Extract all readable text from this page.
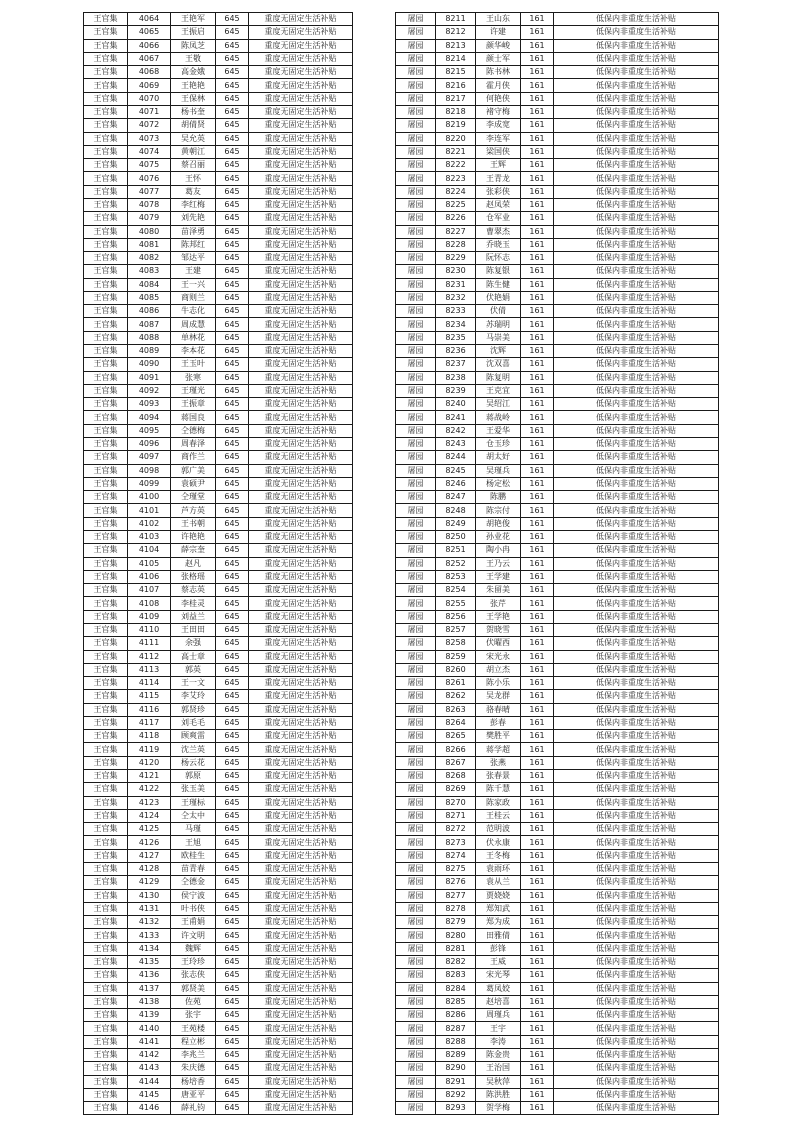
王官集	4064	王艳军	645	重度无固定生活补贴
王官集	4065	王振启	645	重度无固定生活补贴
王官集	4066	陈凤芝	645	重度无固定生活补贴
王官集	4067	王敬	645	重度无固定生活补贴
王官集	4068	高金娥	645	重度无固定生活补贴
王官集	4069	王艳艳	645	重度无固定生活补贴
王官集	4070	王保林	645	重度无固定生活补贴
王官集	4071	杨书奎	645	重度无固定生活补贴
王官集	4072	胡倩贤	645	重度无固定生活补贴
王官集	4073	吴允英	645	重度无固定生活补贴
王官集	4074	黄朝江	645	重度无固定生活补贴
王官集	4075	蔡召丽	645	重度无固定生活补贴
王官集	4076	王怀	645	重度无固定生活补贴
王官集	4077	葛友	645	重度无固定生活补贴
王官集	4078	李红梅	645	重度无固定生活补贴
王官集	4079	刘先艳	645	重度无固定生活补贴
王官集	4080	苗泽勇	645	重度无固定生活补贴
王官集	4081	陈邦红	645	重度无固定生活补贴
王官集	4082	邹达平	645	重度无固定生活补贴
王官集	4083	王建	645	重度无固定生活补贴
王官集	4084	王一兴	645	重度无固定生活补贴
王官集	4085	商则兰	645	重度无固定生活补贴
王官集	4086	牛志化	645	重度无固定生活补贴
王官集	4087	周成慧	645	重度无固定生活补贴
王官集	4088	单林花	645	重度无固定生活补贴
王官集	4089	李本花	645	重度无固定生活补贴
王官集	4090	王玉叶	645	重度无固定生活补贴
王官集	4091	张寒	645	重度无固定生活补贴
王官集	4092	王瑾光	645	重度无固定生活补贴
王官集	4093	王振章	645	重度无固定生活补贴
王官集	4094	蒋国良	645	重度无固定生活补贴
王官集	4095	仝德梅	645	重度无固定生活补贴
王官集	4096	周春泽	645	重度无固定生活补贴
王官集	4097	商作兰	645	重度无固定生活补贴
王官集	4098	郭广美	645	重度无固定生活补贴
王官集	4099	袁硕尹	645	重度无固定生活补贴
王官集	4100	仝瑾堂	645	重度无固定生活补贴
王官集	4101	芦方英	645	重度无固定生活补贴
王官集	4102	王书朝	645	重度无固定生活补贴
王官集	4103	许艳艳	645	重度无固定生活补贴
王官集	4104	薛宗奎	645	重度无固定生活补贴
王官集	4105	赵凡	645	重度无固定生活补贴
王官集	4106	张格瑶	645	重度无固定生活补贴
王官集	4107	蔡志英	645	重度无固定生活补贴
王官集	4108	李桂灵	645	重度无固定生活补贴
王官集	4109	刘益兰	645	重度无固定生活补贴
王官集	4110	王田田	645	重度无固定生活补贴
王官集	4111	余强	645	重度无固定生活补贴
王官集	4112	高士章	645	重度无固定生活补贴
王官集	4113	郭英	645	重度无固定生活补贴
王官集	4114	王一文	645	重度无固定生活补贴
王官集	4115	李艾玲	645	重度无固定生活补贴
王官集	4116	郭贤珍	645	重度无固定生活补贴
王官集	4117	刘毛毛	645	重度无固定生活补贴
王官集	4118	顾爽雷	645	重度无固定生活补贴
王官集	4119	沈兰英	645	重度无固定生活补贴
王官集	4120	杨云花	645	重度无固定生活补贴
王官集	4121	郭原	645	重度无固定生活补贴
王官集	4122	张玉美	645	重度无固定生活补贴
王官集	4123	王瑾标	645	重度无固定生活补贴
王官集	4124	仝太中	645	重度无固定生活补贴
王官集	4125	马瑾	645	重度无固定生活补贴
王官集	4126	王旭	645	重度无固定生活补贴
王官集	4127	欧桂生	645	重度无固定生活补贴
王官集	4128	苗青春	645	重度无固定生活补贴
王官集	4129	仝德金	645	重度无固定生活补贴
王官集	4130	侯宁波	645	重度无固定生活补贴
王官集	4131	叶书侠	645	重度无固定生活补贴
王官集	4132	王甫娟	645	重度无固定生活补贴
王官集	4133	许文明	645	重度无固定生活补贴
王官集	4134	魏辉	645	重度无固定生活补贴
王官集	4135	王玲珍	645	重度无固定生活补贴
王官集	4136	张志侠	645	重度无固定生活补贴
王官集	4137	郭贤美	645	重度无固定生活补贴
王官集	4138	佐苑	645	重度无固定生活补贴
王官集	4139	张宇	645	重度无固定生活补贴
王官集	4140	王苑楼	645	重度无固定生活补贴
王官集	4141	程立彬	645	重度无固定生活补贴
王官集	4142	李兆兰	645	重度无固定生活补贴
王官集	4143	朱庆德	645	重度无固定生活补贴
王官集	4144	杨培香	645	重度无固定生活补贴
王官集	4145	唐亚平	645	重度无固定生活补贴
王官集	4146	薛礼钧	645	重度无固定生活补贴
屠园	8211	王山东	161	低保内非重度生活补贴
屠园	8212	许建	161	低保内非重度生活补贴
屠园	8213	颜华峻	161	低保内非重度生活补贴
屠园	8214	颜士军	161	低保内非重度生活补贴
屠园	8215	陈书林	161	低保内非重度生活补贴
屠园	8216	霍月侠	161	低保内非重度生活补贴
屠园	8217	何艳侠	161	低保内非重度生活补贴
屠园	8218	褚守梅	161	低保内非重度生活补贴
屠园	8219	李成宽	161	低保内非重度生活补贴
屠园	8220	李连军	161	低保内非重度生活补贴
屠园	8221	梁国侠	161	低保内非重度生活补贴
屠园	8222	王辉	161	低保内非重度生活补贴
屠园	8223	王青龙	161	低保内非重度生活补贴
屠园	8224	张彩侠	161	低保内非重度生活补贴
屠园	8225	赵凤荣	161	低保内非重度生活补贴
屠园	8226	仓军业	161	低保内非重度生活补贴
屠园	8227	曹翠杰	161	低保内非重度生活补贴
屠园	8228	乔晓玉	161	低保内非重度生活补贴
屠园	8229	阮怀志	161	低保内非重度生活补贴
屠园	8230	陈复银	161	低保内非重度生活补贴
屠园	8231	陈生健	161	低保内非重度生活补贴
屠园	8232	伏艳娟	161	低保内非重度生活补贴
屠园	8233	伏倩	161	低保内非重度生活补贴
屠园	8234	苏瑞明	161	低保内非重度生活补贴
屠园	8235	马崇美	161	低保内非重度生活补贴
屠园	8236	沈辉	161	低保内非重度生活补贴
屠园	8237	沈双喜	161	低保内非重度生活补贴
屠园	8238	陈复明	161	低保内非重度生活补贴
屠园	8239	王克宜	161	低保内非重度生活补贴
屠园	8240	吴绍江	161	低保内非重度生活补贴
屠园	8241	蒋战岭	161	低保内非重度生活补贴
屠园	8242	王爱华	161	低保内非重度生活补贴
屠园	8243	仓玉珍	161	低保内非重度生活补贴
屠园	8244	胡太好	161	低保内非重度生活补贴
屠园	8245	吴瑾兵	161	低保内非重度生活补贴
屠园	8246	杨定松	161	低保内非重度生活补贴
屠园	8247	陈鹏	161	低保内非重度生活补贴
屠园	8248	陈宗付	161	低保内非重度生活补贴
屠园	8249	胡艳俊	161	低保内非重度生活补贴
屠园	8250	孙业花	161	低保内非重度生活补贴
屠园	8251	陶小冉	161	低保内非重度生活补贴
屠园	8252	王乃云	161	低保内非重度生活补贴
屠园	8253	王学建	161	低保内非重度生活补贴
屠园	8254	朱留美	161	低保内非重度生活补贴
屠园	8255	张芹	161	低保内非重度生活补贴
屠园	8256	王学艳	161	低保内非重度生活补贴
屠园	8257	贺晓雪	161	低保内非重度生活补贴
屠园	8258	伏曜西	161	低保内非重度生活补贴
屠园	8259	宋光永	161	低保内非重度生活补贴
屠园	8260	胡立杰	161	低保内非重度生活补贴
屠园	8261	陈小乐	161	低保内非重度生活补贴
屠园	8262	吴龙群	161	低保内非重度生活补贴
屠园	8263	骆春晴	161	低保内非重度生活补贴
屠园	8264	彭春	161	低保内非重度生活补贴
屠园	8265	樊胜平	161	低保内非重度生活补贴
屠园	8266	蒋学超	161	低保内非重度生活补贴
屠园	8267	张燕	161	低保内非重度生活补贴
屠园	8268	张春景	161	低保内非重度生活补贴
屠园	8269	陈千慧	161	低保内非重度生活补贴
屠园	8270	陈家政	161	低保内非重度生活补贴
屠园	8271	王桂云	161	低保内非重度生活补贴
屠园	8272	范明波	161	低保内非重度生活补贴
屠园	8273	伏永康	161	低保内非重度生活补贴
屠园	8274	王冬梅	161	低保内非重度生活补贴
屠园	8275	袁雨环	161	低保内非重度生活补贴
屠园	8276	袁从兰	161	低保内非重度生活补贴
屠园	8277	贾娆娆	161	低保内非重度生活补贴
屠园	8278	郑知武	161	低保内非重度生活补贴
屠园	8279	郑为成	161	低保内非重度生活补贴
屠园	8280	田雅倩	161	低保内非重度生活补贴
屠园	8281	彭锋	161	低保内非重度生活补贴
屠园	8282	王威	161	低保内非重度生活补贴
屠园	8283	宋光琴	161	低保内非重度生活补贴
屠园	8284	葛凤姣	161	低保内非重度生活补贴
屠园	8285	赵培喜	161	低保内非重度生活补贴
屠园	8286	周瑾兵	161	低保内非重度生活补贴
屠园	8287	王宇	161	低保内非重度生活补贴
屠园	8288	李涛	161	低保内非重度生活补贴
屠园	8289	陈金贵	161	低保内非重度生活补贴
屠园	8290	王治国	161	低保内非重度生活补贴
屠园	8291	吴秋萍	161	低保内非重度生活补贴
屠园	8292	陈洪胜	161	低保内非重度生活补贴
屠园	8293	贺学梅	161	低保内非重度生活补贴
